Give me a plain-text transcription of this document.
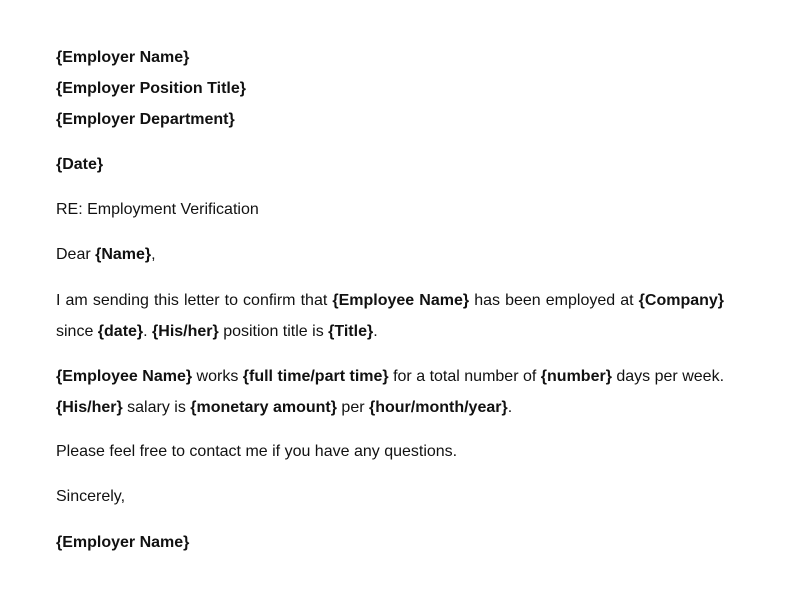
{Employer Name}
{Employer Position Title}
{Employer Department}
{Date}
RE: Employment Verification
Dear {Name},
I am sending this letter to confirm that {Employee Name} has been employed at {Company} since {date}. {His/her} position title is {Title}.
{Employee Name} works {full time/part time} for a total number of {number} days per week. {His/her} salary is {monetary amount} per {hour/month/year}.
Please feel free to contact me if you have any questions.
Sincerely,
{Employer Name}
